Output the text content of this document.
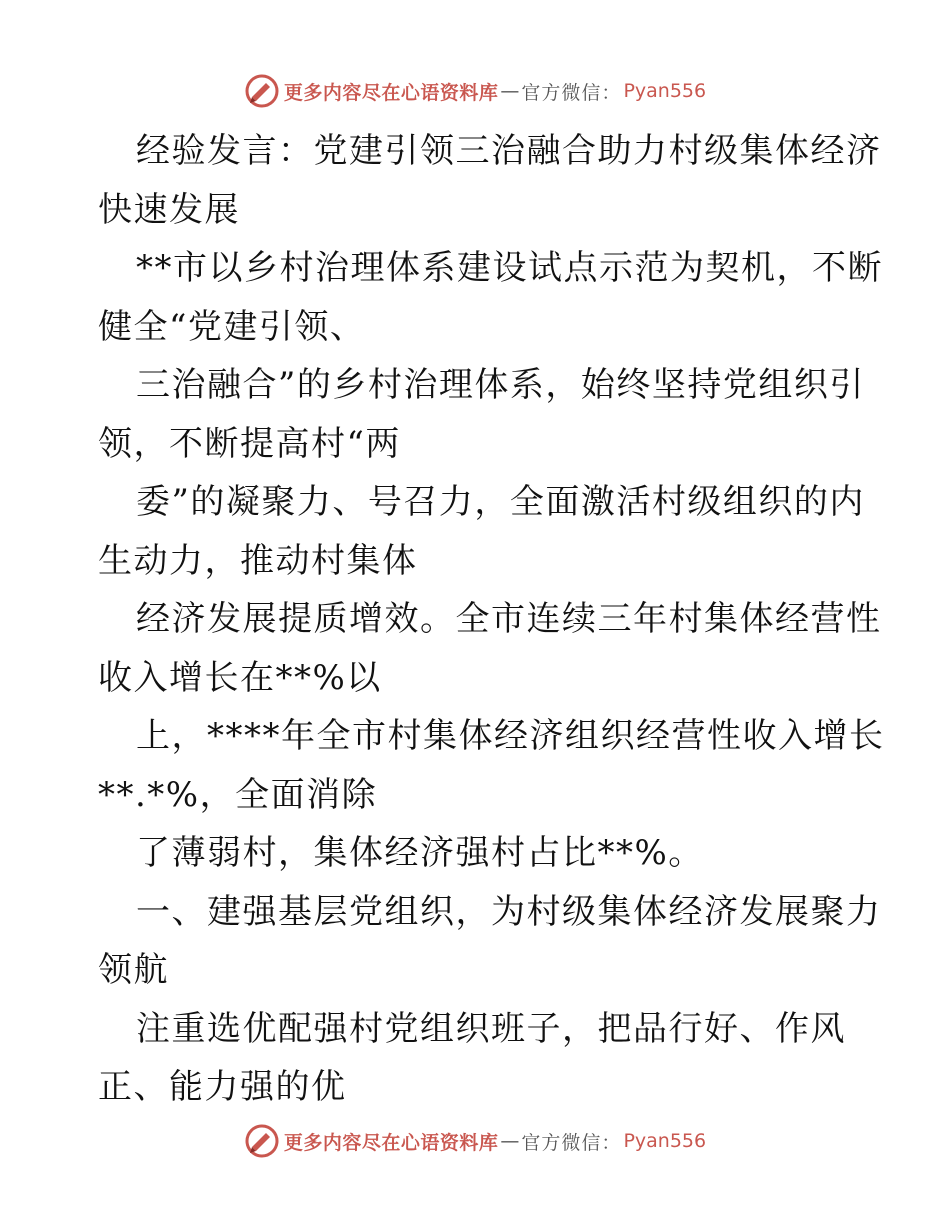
更多内容尽在心语资料库 — 官方微信： Pyan556

经验发言：党建引领三治融合助力村级集体经济
快速发展

**市以乡村治理体系建设试点示范为契机，不断
健全“党建引领、

三治融合”的乡村治理体系，始终坚持党组织引
领，不断提高村“两

委”的凝聚力、号召力，全面激活村级组织的内
生动力，推动村集体

经济发展提质增效。全市连续三年村集体经营性
收入增长在**%以

上，****年全市村集体经济组织经营性收入增长
**.*%，全面消除

了薄弱村，集体经济强村占比**%。

一、建强基层党组织，为村级集体经济发展聚力
领航

注重选优配强村党组织班子，把品行好、作风
正、能力强的优

更多内容尽在心语资料库 — 官方微信： Pyan556
